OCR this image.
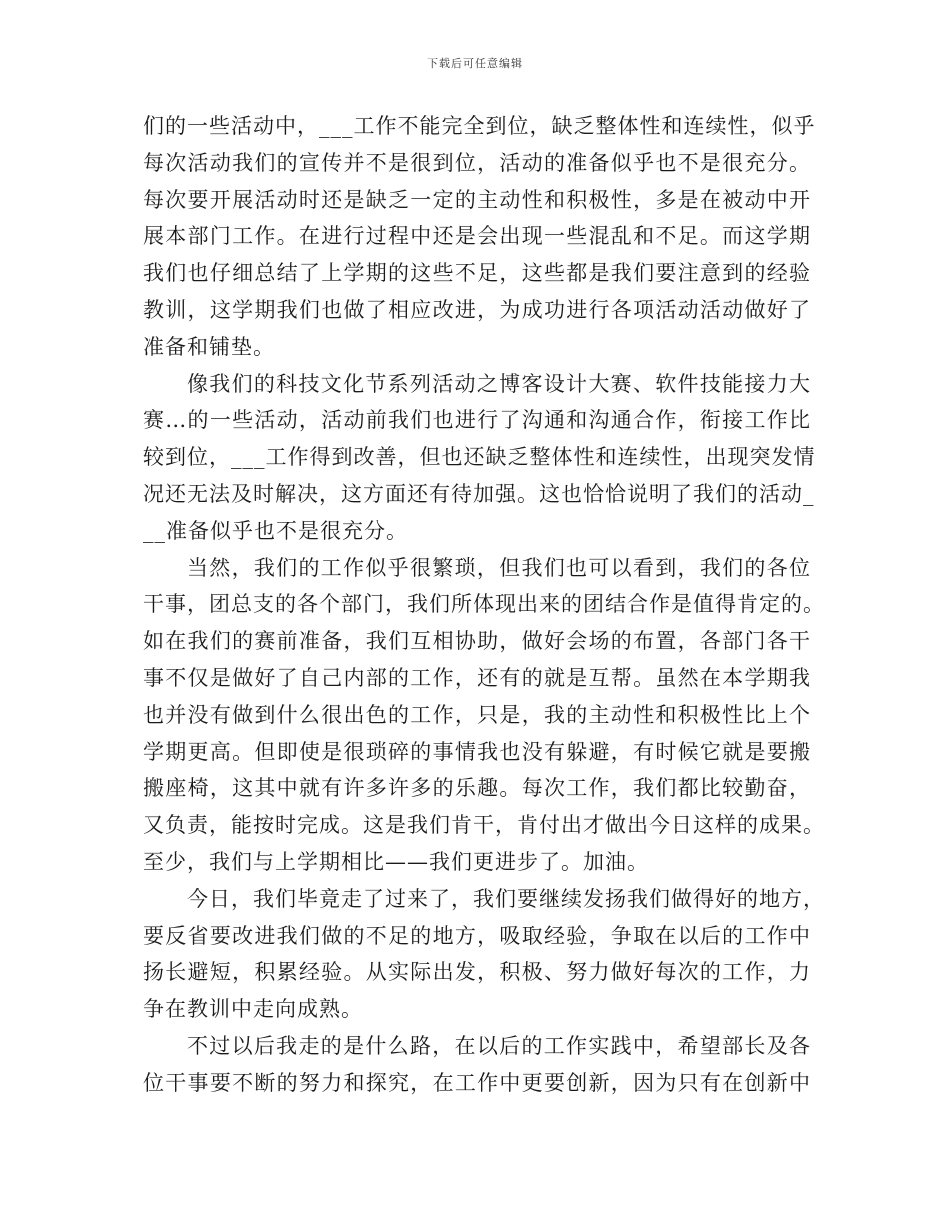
下载后可任意编辑
们的一些活动中，___工作不能完全到位，缺乏整体性和连续性，似乎
每次活动我们的宣传并不是很到位，活动的准备似乎也不是很充分。
每次要开展活动时还是缺乏一定的主动性和积极性，多是在被动中开
展本部门工作。在进行过程中还是会出现一些混乱和不足。而这学期
我们也仔细总结了上学期的这些不足，这些都是我们要注意到的经验
教训，这学期我们也做了相应改进，为成功进行各项活动活动做好了
准备和铺垫。
像我们的科技文化节系列活动之博客设计大赛、软件技能接力大
赛…的一些活动，活动前我们也进行了沟通和沟通合作，衔接工作比
较到位，___工作得到改善，但也还缺乏整体性和连续性，出现突发情
况还无法及时解决，这方面还有待加强。这也恰恰说明了我们的活动_
__准备似乎也不是很充分。
当然，我们的工作似乎很繁琐，但我们也可以看到，我们的各位
干事，团总支的各个部门，我们所体现出来的团结合作是值得肯定的。
如在我们的赛前准备，我们互相协助，做好会场的布置，各部门各干
事不仅是做好了自己内部的工作，还有的就是互帮。虽然在本学期我
也并没有做到什么很出色的工作，只是，我的主动性和积极性比上个
学期更高。但即使是很琐碎的事情我也没有躲避，有时候它就是要搬
搬座椅，这其中就有许多许多的乐趣。每次工作，我们都比较勤奋，
又负责，能按时完成。这是我们肯干，肯付出才做出今日这样的成果。
至少，我们与上学期相比——我们更进步了。加油。
今日，我们毕竟走了过来了，我们要继续发扬我们做得好的地方，
要反省要改进我们做的不足的地方，吸取经验，争取在以后的工作中
扬长避短，积累经验。从实际出发，积极、努力做好每次的工作，力
争在教训中走向成熟。
不过以后我走的是什么路，在以后的工作实践中，希望部长及各
位干事要不断的努力和探究，在工作中更要创新，因为只有在创新中
